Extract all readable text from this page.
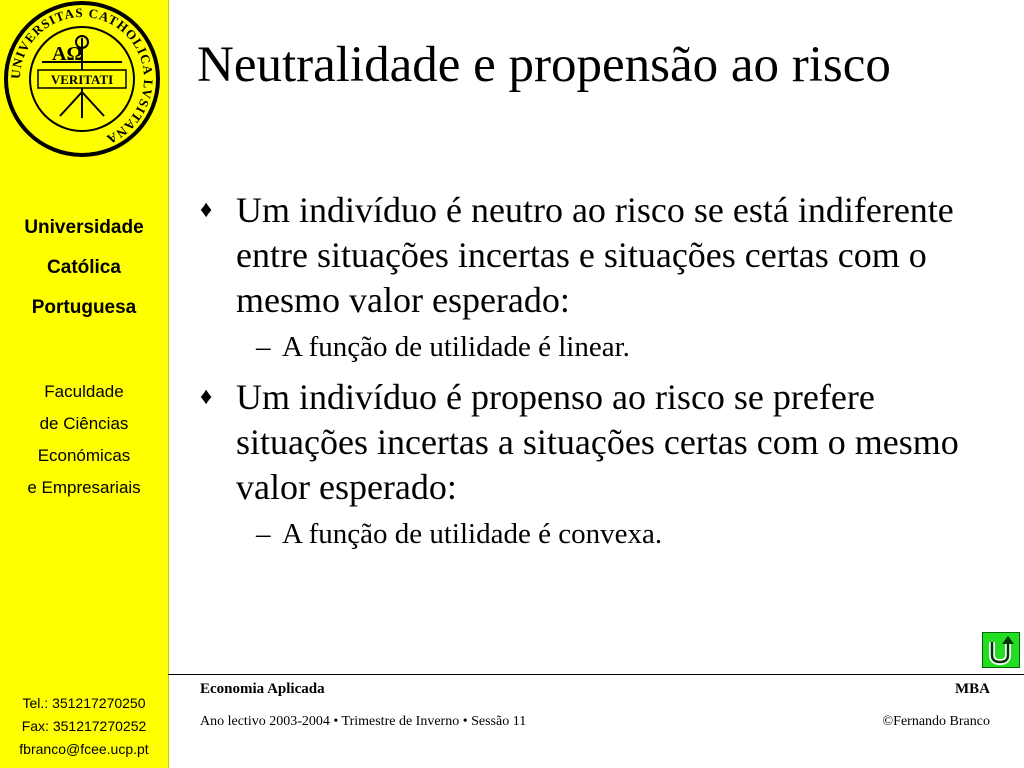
UNIVERSITAS CATHOLICA LVSITANA
AΩ
VERITATI
Universidade
Católica
Portuguesa
Faculdade
de Ciências
Económicas
e Empresariais
Tel.: 351217270250
Fax: 351217270252
fbranco@fcee.ucp.pt
Neutralidade e propensão ao risco
♦ Um indivíduo é neutro ao risco se está indiferente entre situações incertas e situações certas com o mesmo valor esperado:
– A função de utilidade é linear.
♦ Um indivíduo é propenso ao risco se prefere situações incertas a situações certas com o mesmo valor esperado:
– A função de utilidade é convexa.
Economia Aplicada	MBA
Ano lectivo 2003-2004 • Trimestre de Inverno • Sessão 11	©Fernando Branco
